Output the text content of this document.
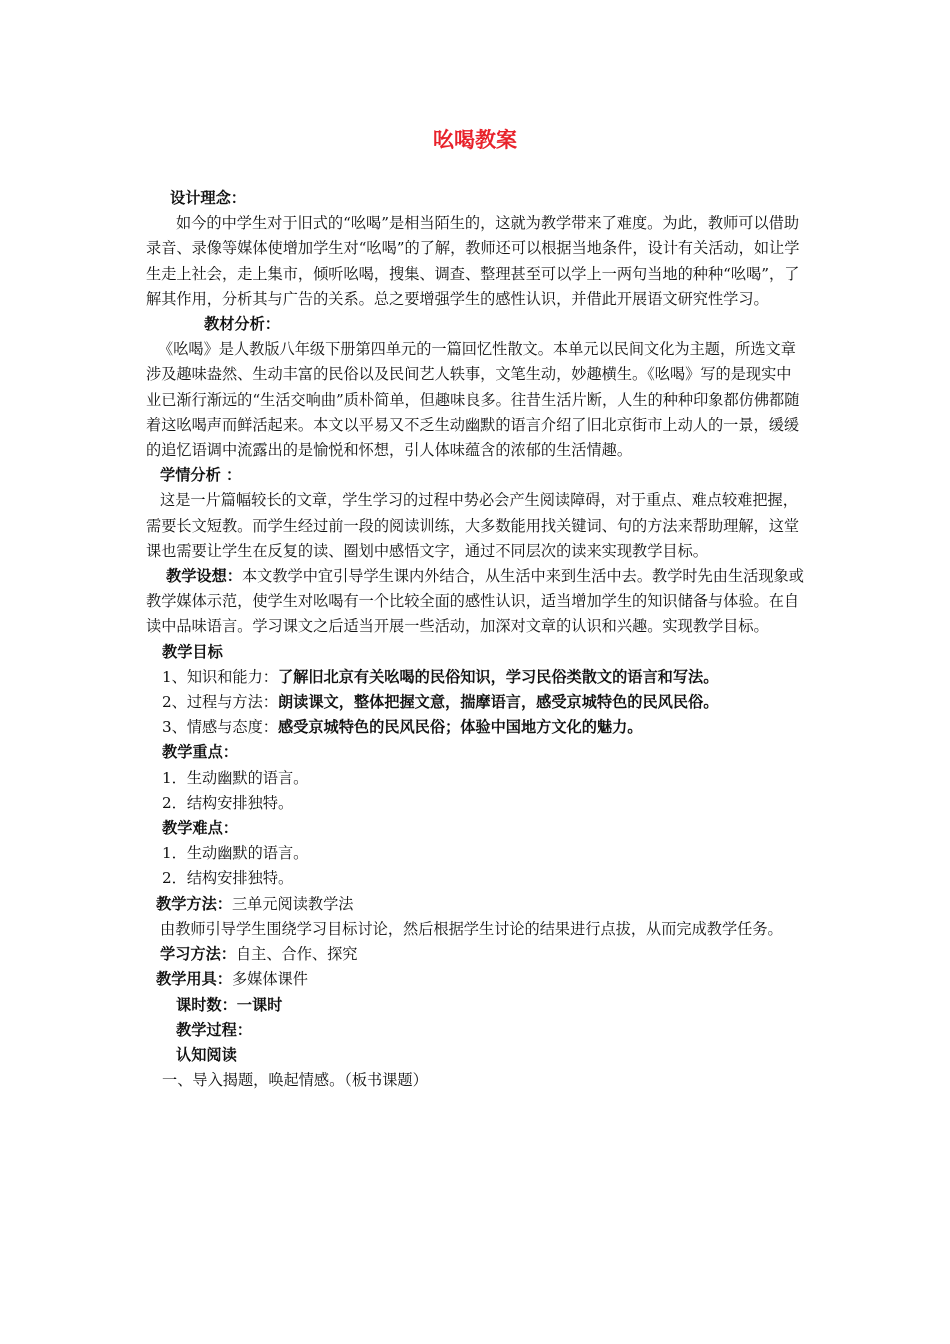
吆喝教案

设计理念：

如今的中学生对于旧式的“吆喝”是相当陌生的，这就为教学带来了难度。为此，教师可以借助录音、录像等媒体使增加学生对“吆喝”的了解，教师还可以根据当地条件，设计有关活动，如让学生走上社会，走上集市，倾听吆喝，搜集、调查、整理甚至可以学上一两句当地的种种“吆喝”，了解其作用，分析其与广告的关系。总之要增强学生的感性认识，并借此开展语文研究性学习。

教材分析：

《吆喝》是人教版八年级下册第四单元的一篇回忆性散文。本单元以民间文化为主题，所选文章涉及趣味盎然、生动丰富的民俗以及民间艺人轶事，文笔生动，妙趣横生。《吆喝》写的是现实中业已渐行渐远的“生活交响曲”质朴简单，但趣味良多。往昔生活片断，人生的种种印象都仿佛都随着这吆喝声而鲜活起来。本文以平易又不乏生动幽默的语言介绍了旧北京街市上动人的一景，缓缓的追忆语调中流露出的是愉悦和怀想，引人体味蕴含的浓郁的生活情趣。

学情分析 ：

这是一片篇幅较长的文章，学生学习的过程中势必会产生阅读障碍，对于重点、难点较难把握，需要长文短教。而学生经过前一段的阅读训练，大多数能用找关键词、句的方法来帮助理解，这堂课也需要让学生在反复的读、圈划中感悟文字，通过不同层次的读来实现教学目标。

教学设想：本文教学中宜引导学生课内外结合，从生活中来到生活中去。教学时先由生活现象或教学媒体示范，使学生对吆喝有一个比较全面的感性认识，适当增加学生的知识储备与体验。在自读中品味语言。学习课文之后适当开展一些活动，加深对文章的认识和兴趣。实现教学目标。

教学目标

1、知识和能力：了解旧北京有关吆喝的民俗知识，学习民俗类散文的语言和写法。

2、过程与方法：朗读课文，整体把握文意，揣摩语言，感受京城特色的民风民俗。

3、情感与态度：感受京城特色的民风民俗；体验中国地方文化的魅力。

教学重点：

1．生动幽默的语言。

2．结构安排独特。

教学难点：

1．生动幽默的语言。

2．结构安排独特。

教学方法：三单元阅读教学法

由教师引导学生围绕学习目标讨论，然后根据学生讨论的结果进行点拔，从而完成教学任务。

学习方法：自主、合作、探究

教学用具：多媒体课件

课时数：一课时

教学过程：

认知阅读

一、导入揭题，唤起情感。（板书课题）
